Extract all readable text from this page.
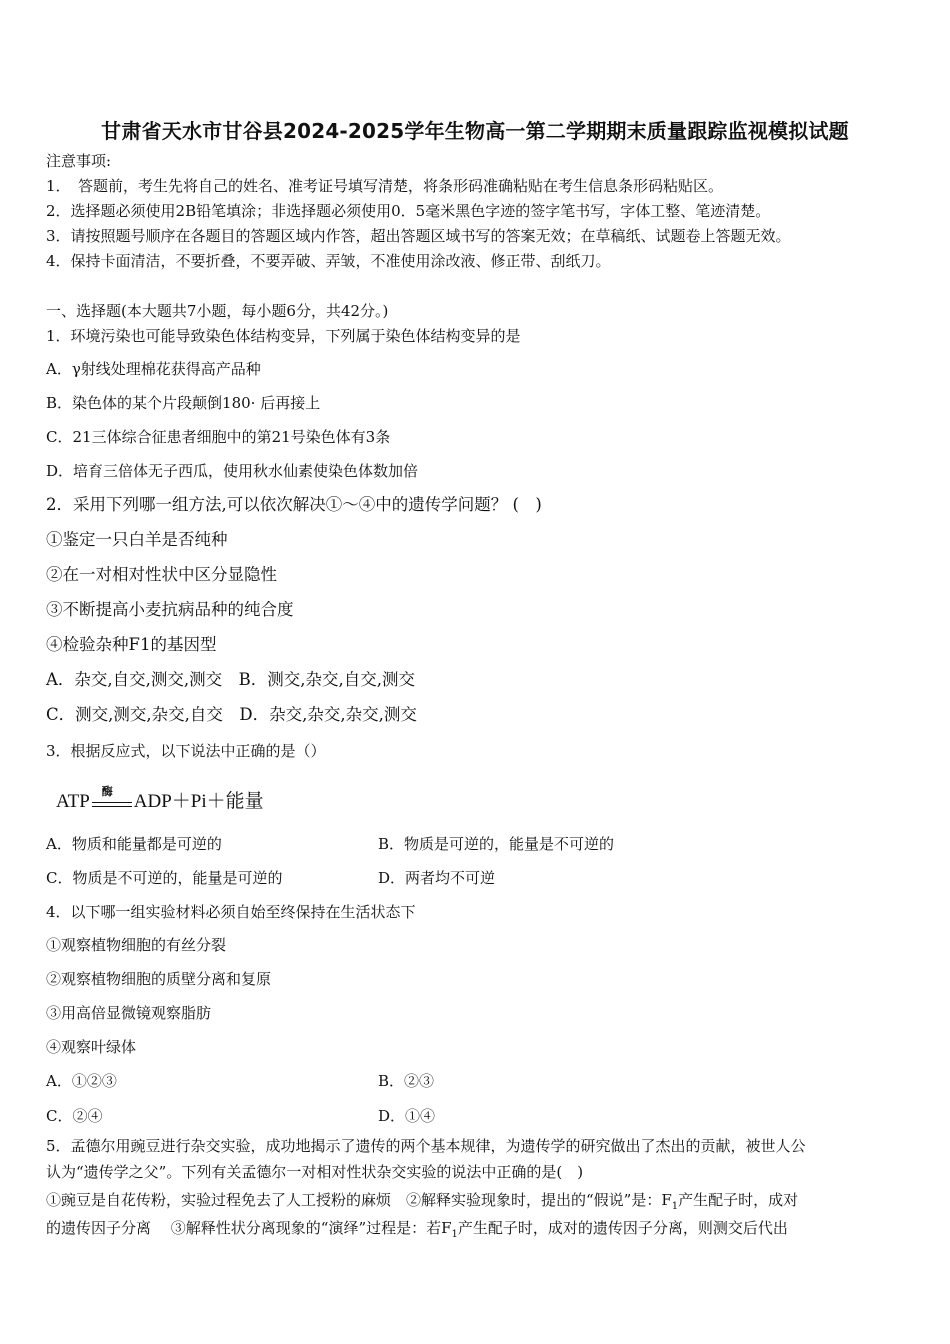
甘肃省天水市甘谷县2024-2025学年生物高一第二学期期末质量跟踪监视模拟试题
注意事项:
1．　答题前，考生先将自己的姓名、准考证号填写清楚，将条形码准确粘贴在考生信息条形码粘贴区。
2．选择题必须使用2B铅笔填涂；非选择题必须使用0．5毫米黑色字迹的签字笔书写，字体工整、笔迹清楚。
3．请按照题号顺序在各题目的答题区域内作答，超出答题区域书写的答案无效；在草稿纸、试题卷上答题无效。
4．保持卡面清洁，不要折叠，不要弄破、弄皱，不准使用涂改液、修正带、刮纸刀。
一、选择题(本大题共7小题，每小题6分，共42分。)
1．环境污染也可能导致染色体结构变异，下列属于染色体结构变异的是
A．γ射线处理棉花获得高产品种
B．染色体的某个片段颠倒180· 后再接上
C．21三体综合征患者细胞中的第21号染色体有3条
D．培育三倍体无子西瓜，使用秋水仙素使染色体数加倍
2．采用下列哪一组方法,可以依次解决①～④中的遗传学问题？ (　)
①鉴定一只白羊是否纯种
②在一对相对性状中区分显隐性
③不断提高小麦抗病品种的纯合度
④检验杂种F1的基因型
A．杂交,自交,测交,测交　B．测交,杂交,自交,测交
C．测交,测交,杂交,自交　D．杂交,杂交,杂交,测交
3．根据反应式，以下说法中正确的是（）
ATP 酶 ADP＋Pi＋能量
A．物质和能量都是可逆的	B．物质是可逆的，能量是不可逆的
C．物质是不可逆的，能量是可逆的	D．两者均不可逆
4．以下哪一组实验材料必须自始至终保持在生活状态下
①观察植物细胞的有丝分裂
②观察植物细胞的质壁分离和复原
③用高倍显微镜观察脂肪
④观察叶绿体
A．①②③	B．②③
C．②④	D．①④
5．孟德尔用豌豆进行杂交实验，成功地揭示了遗传的两个基本规律，为遗传学的研究做出了杰出的贡献，被世人公
认为“遗传学之父”。下列有关孟德尔一对相对性状杂交实验的说法中正确的是(　)
①豌豆是自花传粉，实验过程免去了人工授粉的麻烦　②解释实验现象时，提出的“假说”是：$F_1$产生配子时，成对
的遗传因子分离　 ③解释性状分离现象的“演绎”过程是：若$F_1$产生配子时，成对的遗传因子分离，则测交后代出
